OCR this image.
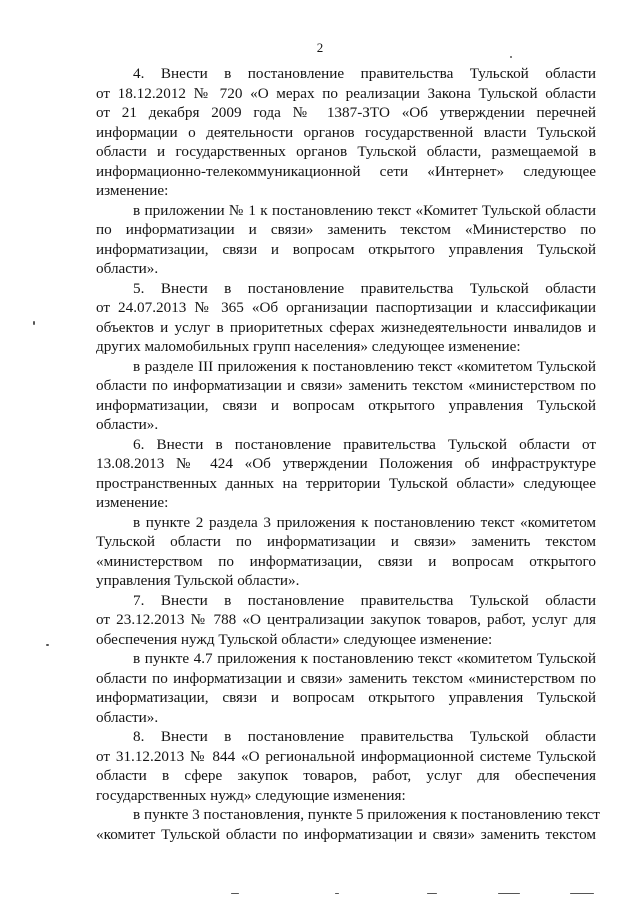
2
4. Внести в постановление правительства Тульской области
от 18.12.2012 № 720 «О мерах по реализации Закона Тульской области
от 21 декабря 2009 года № 1387-ЗТО «Об утверждении перечней
информации о деятельности органов государственной власти Тульской
области и государственных органов Тульской области, размещаемой в
информационно-телекоммуникационной сети «Интернет» следующее
изменение:
в приложении № 1 к постановлению текст «Комитет Тульской области
по информатизации и связи» заменить текстом «Министерство по
информатизации, связи и вопросам открытого управления Тульской
области».
5. Внести в постановление правительства Тульской области
от 24.07.2013 № 365 «Об организации паспортизации и классификации
объектов и услуг в приоритетных сферах жизнедеятельности инвалидов и
других маломобильных групп населения» следующее изменение:
в разделе III приложения к постановлению текст «комитетом Тульской
области по информатизации и связи» заменить текстом «министерством по
информатизации, связи и вопросам открытого управления Тульской
области».
6. Внести в постановление правительства Тульской области от
13.08.2013 № 424 «Об утверждении Положения об инфраструктуре
пространственных данных на территории Тульской области» следующее
изменение:
в пункте 2 раздела 3 приложения к постановлению текст «комитетом
Тульской области по информатизации и связи» заменить текстом
«министерством по информатизации, связи и вопросам открытого
управления Тульской области».
7. Внести в постановление правительства Тульской области
от 23.12.2013 № 788 «О централизации закупок товаров, работ, услуг для
обеспечения нужд Тульской области» следующее изменение:
в пункте 4.7 приложения к постановлению текст «комитетом Тульской
области по информатизации и связи» заменить текстом «министерством по
информатизации, связи и вопросам открытого управления Тульской
области».
8. Внести в постановление правительства Тульской области
от 31.12.2013 № 844 «О региональной информационной системе Тульской
области в сфере закупок товаров, работ, услуг для обеспечения
государственных нужд» следующие изменения:
в пункте 3 постановления, пункте 5 приложения к постановлению текст
«комитет Тульской области по информатизации и связи» заменить текстом
